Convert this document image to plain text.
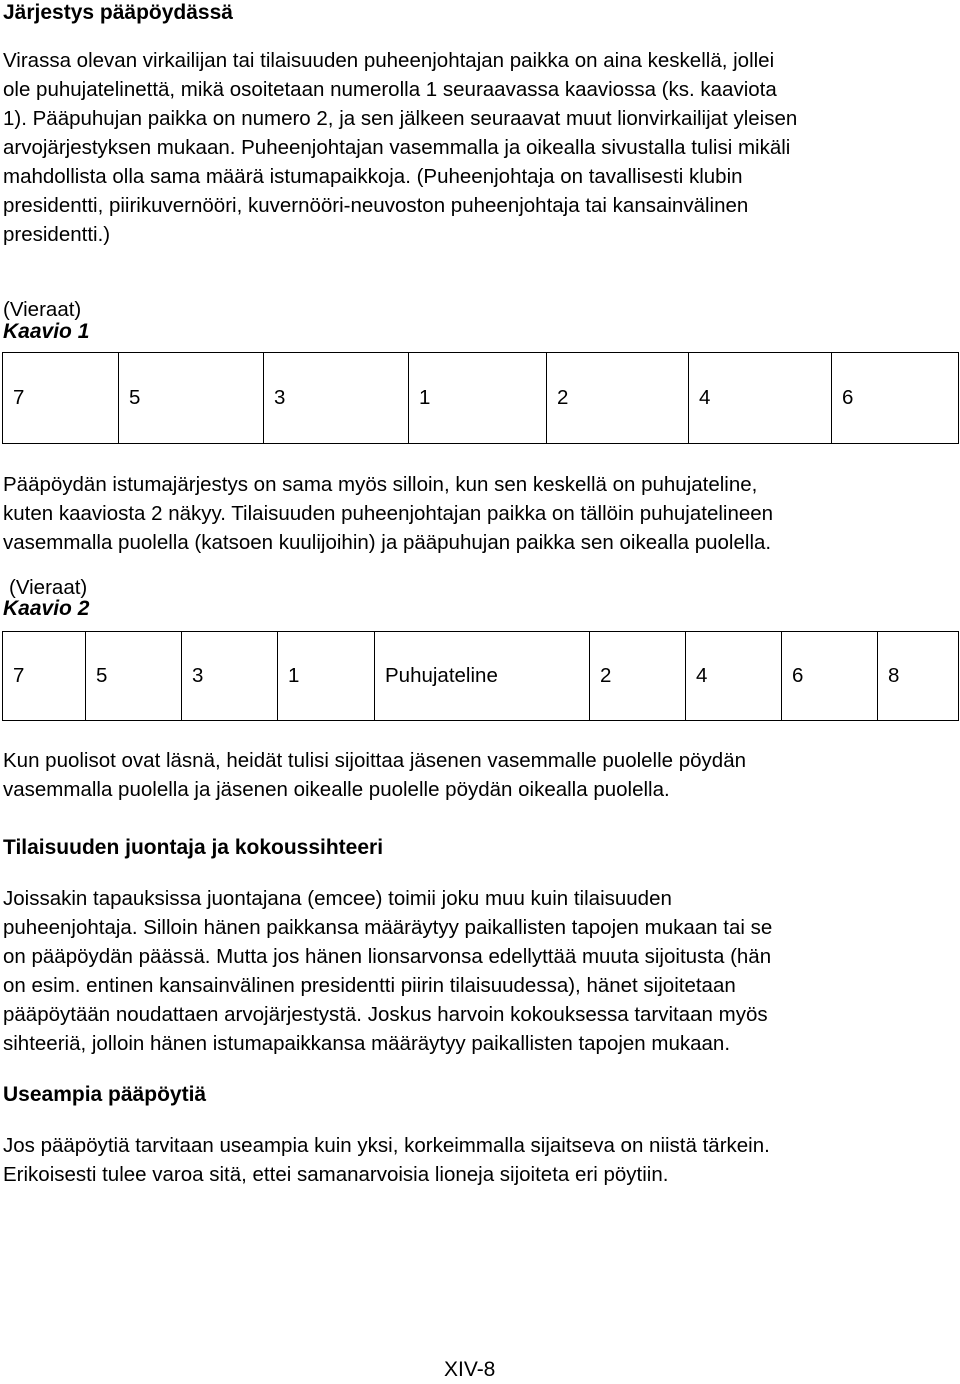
Järjestys pääpöydässä
Virassa olevan virkailijan tai tilaisuuden puheenjohtajan paikka on aina keskellä, jollei
ole puhujatelinettä, mikä osoitetaan numerolla 1 seuraavassa kaaviossa (ks. kaaviota
1). Pääpuhujan paikka on numero 2, ja sen jälkeen seuraavat muut lionvirkailijat yleisen
arvojärjestyksen mukaan. Puheenjohtajan vasemmalla ja oikealla sivustalla tulisi mikäli
mahdollista olla sama määrä istumapaikkoja. (Puheenjohtaja on tavallisesti klubin
presidentti, piirikuvernööri, kuvernööri-neuvoston puheenjohtaja tai kansainvälinen
presidentti.)
(Vieraat)
Kaavio 1
7	5	3	1	2	4	6
Pääpöydän istumajärjestys on sama myös silloin, kun sen keskellä on puhujateline,
kuten kaaviosta 2 näkyy. Tilaisuuden puheenjohtajan paikka on tällöin puhujatelineen
vasemmalla puolella (katsoen kuulijoihin) ja pääpuhujan paikka sen oikealla puolella.
(Vieraat)
Kaavio 2
7	5	3	1	Puhujateline	2	4	6	8
Kun puolisot ovat läsnä, heidät tulisi sijoittaa jäsenen vasemmalle puolelle pöydän
vasemmalla puolella ja jäsenen oikealle puolelle pöydän oikealla puolella.
Tilaisuuden juontaja ja kokoussihteeri
Joissakin tapauksissa juontajana (emcee) toimii joku muu kuin tilaisuuden
puheenjohtaja. Silloin hänen paikkansa määräytyy paikallisten tapojen mukaan tai se
on pääpöydän päässä. Mutta jos hänen lionsarvonsa edellyttää muuta sijoitusta (hän
on esim. entinen kansainvälinen presidentti piirin tilaisuudessa), hänet sijoitetaan
pääpöytään noudattaen arvojärjestystä. Joskus harvoin kokouksessa tarvitaan myös
sihteeriä, jolloin hänen istumapaikkansa määräytyy paikallisten tapojen mukaan.
Useampia pääpöytiä
Jos pääpöytiä tarvitaan useampia kuin yksi, korkeimmalla sijaitseva on niistä tärkein.
Erikoisesti tulee varoa sitä, ettei samanarvoisia lioneja sijoiteta eri pöytiin.
XIV-8
